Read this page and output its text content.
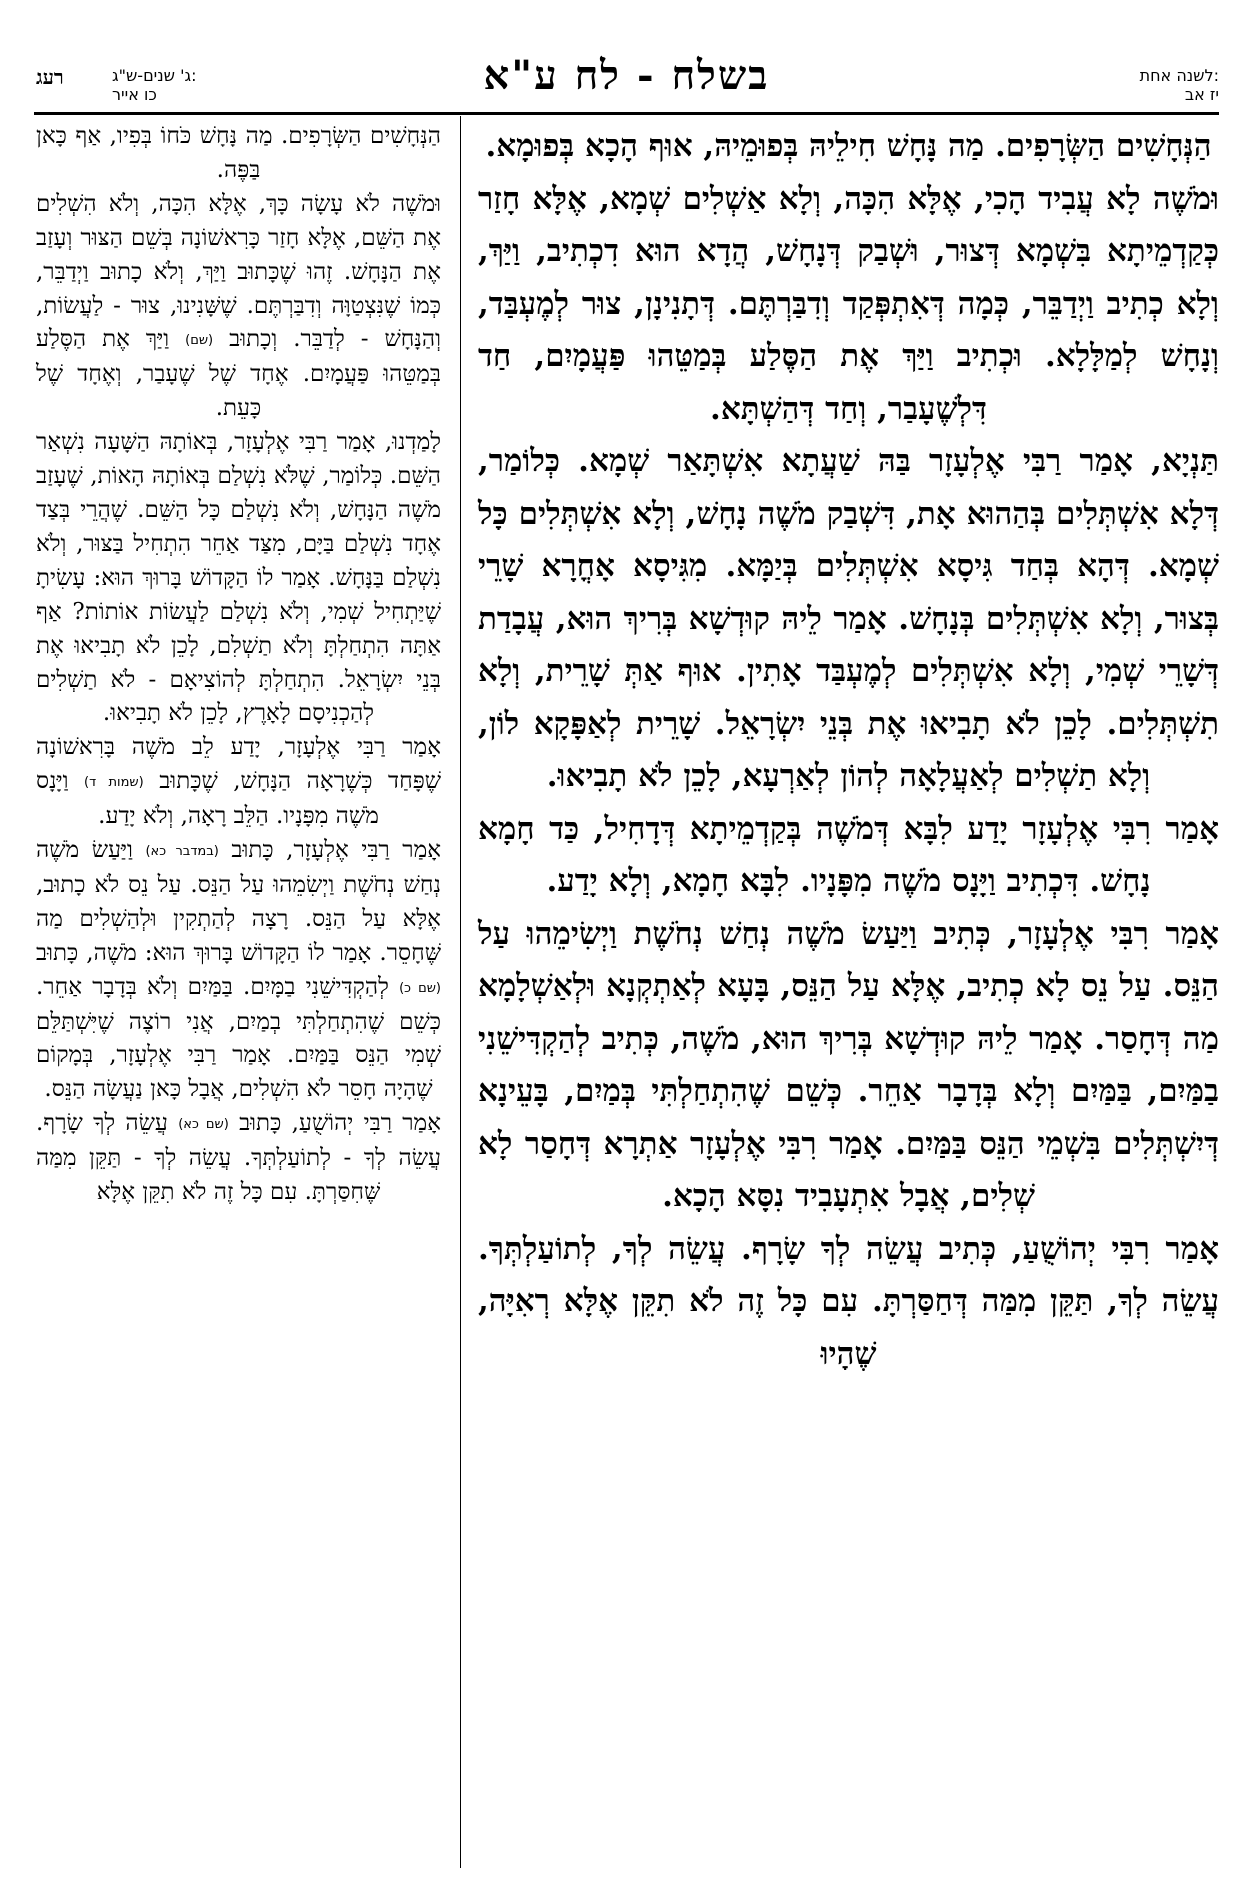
לשנה אחת:
יז אב
בשלח - לח ע"א
ג' שנים-ש"ג:
כו אייר
רעג

הַנְּחָשִׁים הַשְּׂרָפִים. מַה נָּחָשׁ חִילֵיהּ בְּפוּמֵיהּ, אוּף הָכָא בְּפוּמָא.

וּמֹשֶׁה לָא עֲבִיד הָכִי, אֶלָּא הִכָּה, וְלָא אַשְׁלִים שְׁמָא, אֶלָּא חָזַר כְּקַדְמֵיתָא בִּשְׁמָא דְּצוּר, וּשְׁבַק דְּנָחָשׁ, הֲדָא הוּא דִכְתִיב, וַיַּךְ, וְלָא כְתִיב וַיְדַבֵּר, כְּמָה דְּאִתְפְּקַד וְדִבַּרְתֶּם. דְּתָנִינָן, צוּר לְמֶעְבַּד, וְנָחָשׁ לְמַלָּלָא. וּכְתִיב וַיַּךְ אֶת הַסֶּלַע בְּמַטֵּהוּ פַּעֲמָיִם, חַד דִּלְשֶׁעָבַר, וְחַד דְּהַשְׁתָּא.

תַּנְיָא, אָמַר רַבִּי אֶלְעָזָר בַּהּ שַׁעֲתָא אִשְׁתָּאַר שְׁמָא. כְּלוֹמַר, דְּלָא אִשְׁתְּלִים בְּהַהוּא אָת, דִּשְׁבַק מֹשֶׁה נָחָשׁ, וְלָא אִשְׁתְּלִים כָּל שְׁמָא. דְּהָא בְּחַד גִּיסָא אִשְׁתְּלִים בְּיַמָּא. מִגִּיסָא אָחֳרָא שָׁרֵי בְּצוּר, וְלָא אִשְׁתְּלִים בְּנָחָשׁ. אָמַר לֵיהּ קוּדְשָׁא בְּרִיךְ הוּא, עֲבָדַת דְּשָׁרֵי שְׁמִי, וְלָא אִשְׁתְּלִים לְמֶעְבַּד אָתִין. אוּף אַתְּ שָׁרֵית, וְלָא תִשְׁתְּלִים. לָכֵן לֹא תָבִיאוּ אֶת בְּנֵי יִשְׂרָאֵל. שָׁרֵית לְאַפָּקָא לוֹן, וְלָא תַשְׁלִים לְאַעֲלָאָה לְהוֹן לְאַרְעָא, לָכֵן לֹא תָבִיאוּ.

אָמַר רִבִּי אֶלְעָזָר יָדַע לִבָּא דְּמֹשֶׁה בְּקַדְמֵיתָא דְּדָחִיל, כַּד חָמָא נָחָשׁ. דִּכְתִיב וַיָּנָס מֹשֶׁה מִפָּנָיו. לִבָּא חָמָא, וְלָא יָדַע.

אָמַר רִבִּי אֶלְעָזָר, כְּתִיב וַיַּעַשׂ מֹשֶׁה נְחַשׁ נְחֹשֶׁת וַיְשִׂימֵהוּ עַל הַנֵּס. עַל נֵס לָא כְתִיב, אֶלָּא עַל הַנֵּס, בָּעָא לְאַתְקְנָא וּלְאַשְׁלָמָא מַה דְּחָסַר. אָמַר לֵיהּ קוּדְשָׁא בְּרִיךְ הוּא, מֹשֶׁה, כְּתִיב לְהַקְדִּישֵׁנִי בַמַּיִם, בַּמַּיִם וְלָא בְּדָבָר אַחֵר. כְּשֵׁם שֶׁהִתְחַלְתִּי בְּמַיִם, בָּעֵינָא דְּיִשְׁתְּלִים בִּשְׁמֵי הַנֵּס בַּמַּיִם. אָמַר רִבִּי אֶלְעָזָר אַתְרָא דְּחָסַר לָא שְׁלִים, אֲבָל אִתְעָבִיד נִסָּא הָכָא.

אָמַר רִבִּי יְהוֹשֻׁעַ, כְּתִיב עֲשֵׂה לְךָ שָׂרָף. עֲשֵׂה לְךָ, לְתוֹעַלְתְּךָ. עֲשֵׂה לְךָ, תַּקֵּן מִמַּה דְּחַסַּרְתָּ. עִם כָּל זֶה לֹא תִקֵּן אֶלָּא רְאִיָּה, שֶׁהָיוּ

הַנְּחָשִׁים הַשְּׂרָפִים. מַה נָּחָשׁ כֹּחוֹ בְּפִיו, אַף כָּאן בַּפֶּה.

וּמֹשֶׁה לֹא עָשָׂה כָּךְ, אֶלָּא הִכָּה, וְלֹא הִשְׁלִים אֶת הַשֵּׁם, אֶלָּא חָזַר כָּרִאשׁוֹנָה בְּשֵׁם הַצּוּר וְעָזַב אֶת הַנָּחָשׁ. זֶהוּ שֶׁכָּתוּב וַיַּךְ, וְלֹא כָתוּב וַיְדַבֵּר, כְּמוֹ שֶׁנִּצְטַוָּה וְדִבַּרְתֶּם. שֶׁשָּׁנִינוּ, צוּר - לַעֲשׂוֹת, וְהַנָּחָשׁ - לְדַבֵּר. וְכָתוּב (שם) וַיַּךְ אֶת הַסֶּלַע בְּמַטֵּהוּ פַּעֲמָיִם. אֶחָד שֶׁל שֶׁעָבַר, וְאֶחָד שֶׁל כָּעֵת.

לָמַדְנוּ, אָמַר רַבִּי אֶלְעָזָר, בְּאוֹתָהּ הַשָּׁעָה נִשְׁאַר הַשֵּׁם. כְּלוֹמַר, שֶׁלֹּא נִשְׁלַם בְּאוֹתָהּ הָאוֹת, שֶׁעָזַב מֹשֶׁה הַנָּחָשׁ, וְלֹא נִשְׁלַם כָּל הַשֵּׁם. שֶׁהֲרֵי בְּצַד אֶחָד נִשְׁלַם בַּיָּם, מִצַּד אַחֵר הִתְחִיל בַּצּוּר, וְלֹא נִשְׁלַם בַּנָּחָשׁ. אָמַר לוֹ הַקָּדוֹשׁ בָּרוּךְ הוּא: עָשִׂיתָ שֶׁיַּתְחִיל שְׁמִי, וְלֹא נִשְׁלַם לַעֲשׂוֹת אוֹתוֹת? אַף אַתָּה הִתְחַלְתָּ וְלֹא תַשְׁלִם, לָכֵן לֹא תָבִיאוּ אֶת בְּנֵי יִשְׂרָאֵל. הִתְחַלְתָּ לְהוֹצִיאָם - לֹא תַשְׁלִים לְהַכְנִיסָם לָאָרֶץ, לָכֵן לֹא תָבִיאוּ.

אָמַר רַבִּי אֶלְעָזָר, יָדַע לֵב מֹשֶׁה בָּרִאשׁוֹנָה שֶׁפָּחַד כְּשֶׁרָאָה הַנָּחָשׁ, שֶׁכָּתוּב (שמות ד) וַיָּנָס מֹשֶׁה מִפָּנָיו. הַלֵּב רָאָה, וְלֹא יָדַע.

אָמַר רַבִּי אֶלְעָזָר, כָּתוּב (במדבר כא) וַיַּעַשׂ מֹשֶׁה נְחַשׁ נְחֹשֶׁת וַיְשִׂמֵהוּ עַל הַנֵּס. עַל נֵס לֹא כָתוּב, אֶלָּא עַל הַנֵּס. רָצָה לְהַתְקִין וּלְהַשְׁלִים מַה שֶּׁחָסֵר. אָמַר לוֹ הַקָּדוֹשׁ בָּרוּךְ הוּא: מֹשֶׁה, כָּתוּב (שם כ) לְהַקְדִּישֵׁנִי בַמָּיִם. בַּמַּיִם וְלֹא בְּדָבָר אַחֵר. כְּשֵׁם שֶׁהִתְחַלְתִּי בְמַיִם, אֲנִי רוֹצֶה שֶׁיִּשְׁתַּלֵּם שְׁמִי הַנֵּס בַּמַּיִם. אָמַר רַבִּי אֶלְעָזָר, בְּמָקוֹם שֶׁהָיָה חָסֵר לֹא הִשְׁלִים, אֲבָל כָּאן נַעֲשָׂה הַנֵּס.

אָמַר רַבִּי יְהוֹשֻׁעַ, כָּתוּב (שם כא) עֲשֵׂה לְךָ שָׂרָף. עֲשֵׂה לְךָ - לְתוֹעַלְתְּךָ. עֲשֵׂה לְךָ - תַּקֵּן מִמַּה שֶּׁחִסַּרְתָּ. עִם כָּל זֶה לֹא תִקֵּן אֶלָּא
